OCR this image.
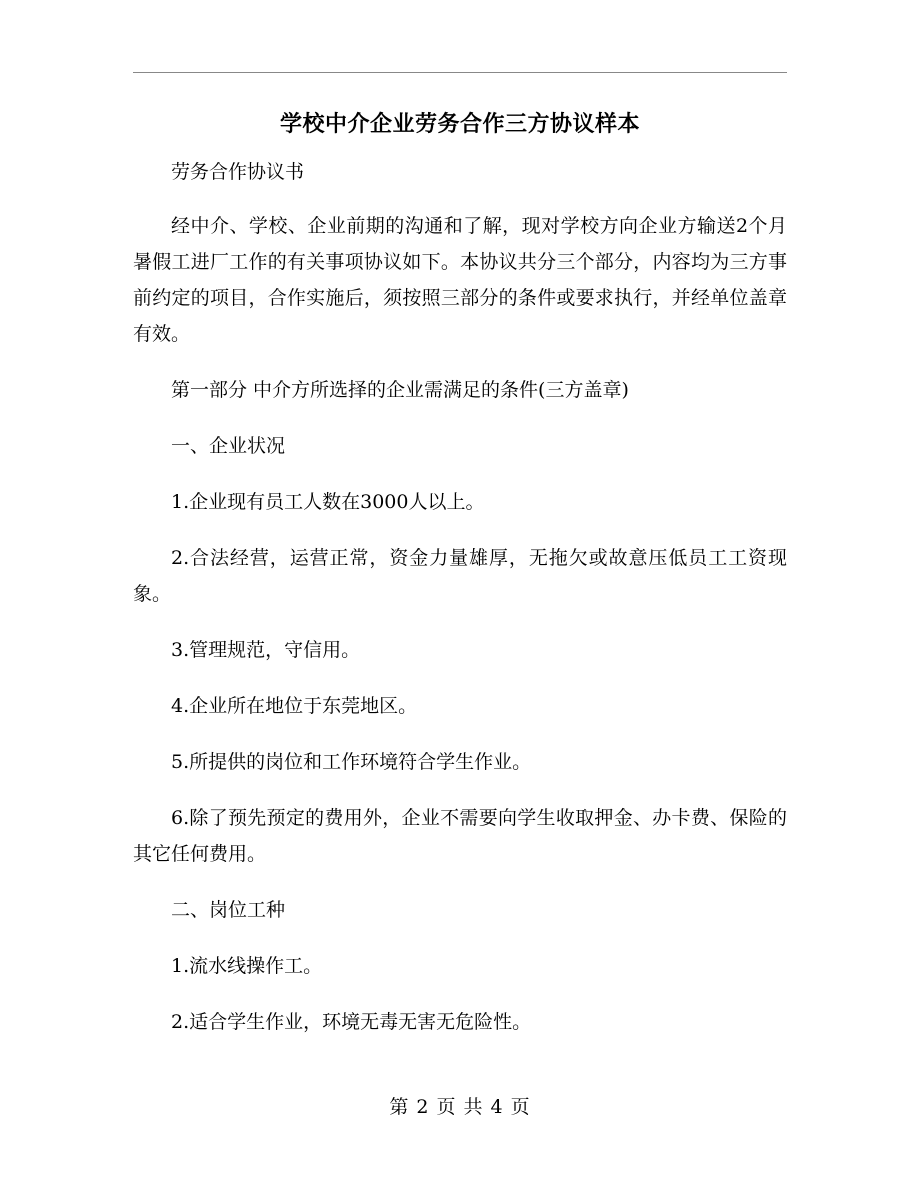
学校中介企业劳务合作三方协议样本

劳务合作协议书

经中介、学校、企业前期的沟通和了解，现对学校方向企业方输送2个月暑假工进厂工作的有关事项协议如下。本协议共分三个部分，内容均为三方事前约定的项目，合作实施后，须按照三部分的条件或要求执行，并经单位盖章有效。

第一部分 中介方所选择的企业需满足的条件(三方盖章)

一、企业状况

1.企业现有员工人数在3000人以上。

2.合法经营，运营正常，资金力量雄厚，无拖欠或故意压低员工工资现象。

3.管理规范，守信用。

4.企业所在地位于东莞地区。

5.所提供的岗位和工作环境符合学生作业。

6.除了预先预定的费用外，企业不需要向学生收取押金、办卡费、保险的其它任何费用。

二、岗位工种

1.流水线操作工。

2.适合学生作业，环境无毒无害无危险性。

第 2 页 共 4 页
